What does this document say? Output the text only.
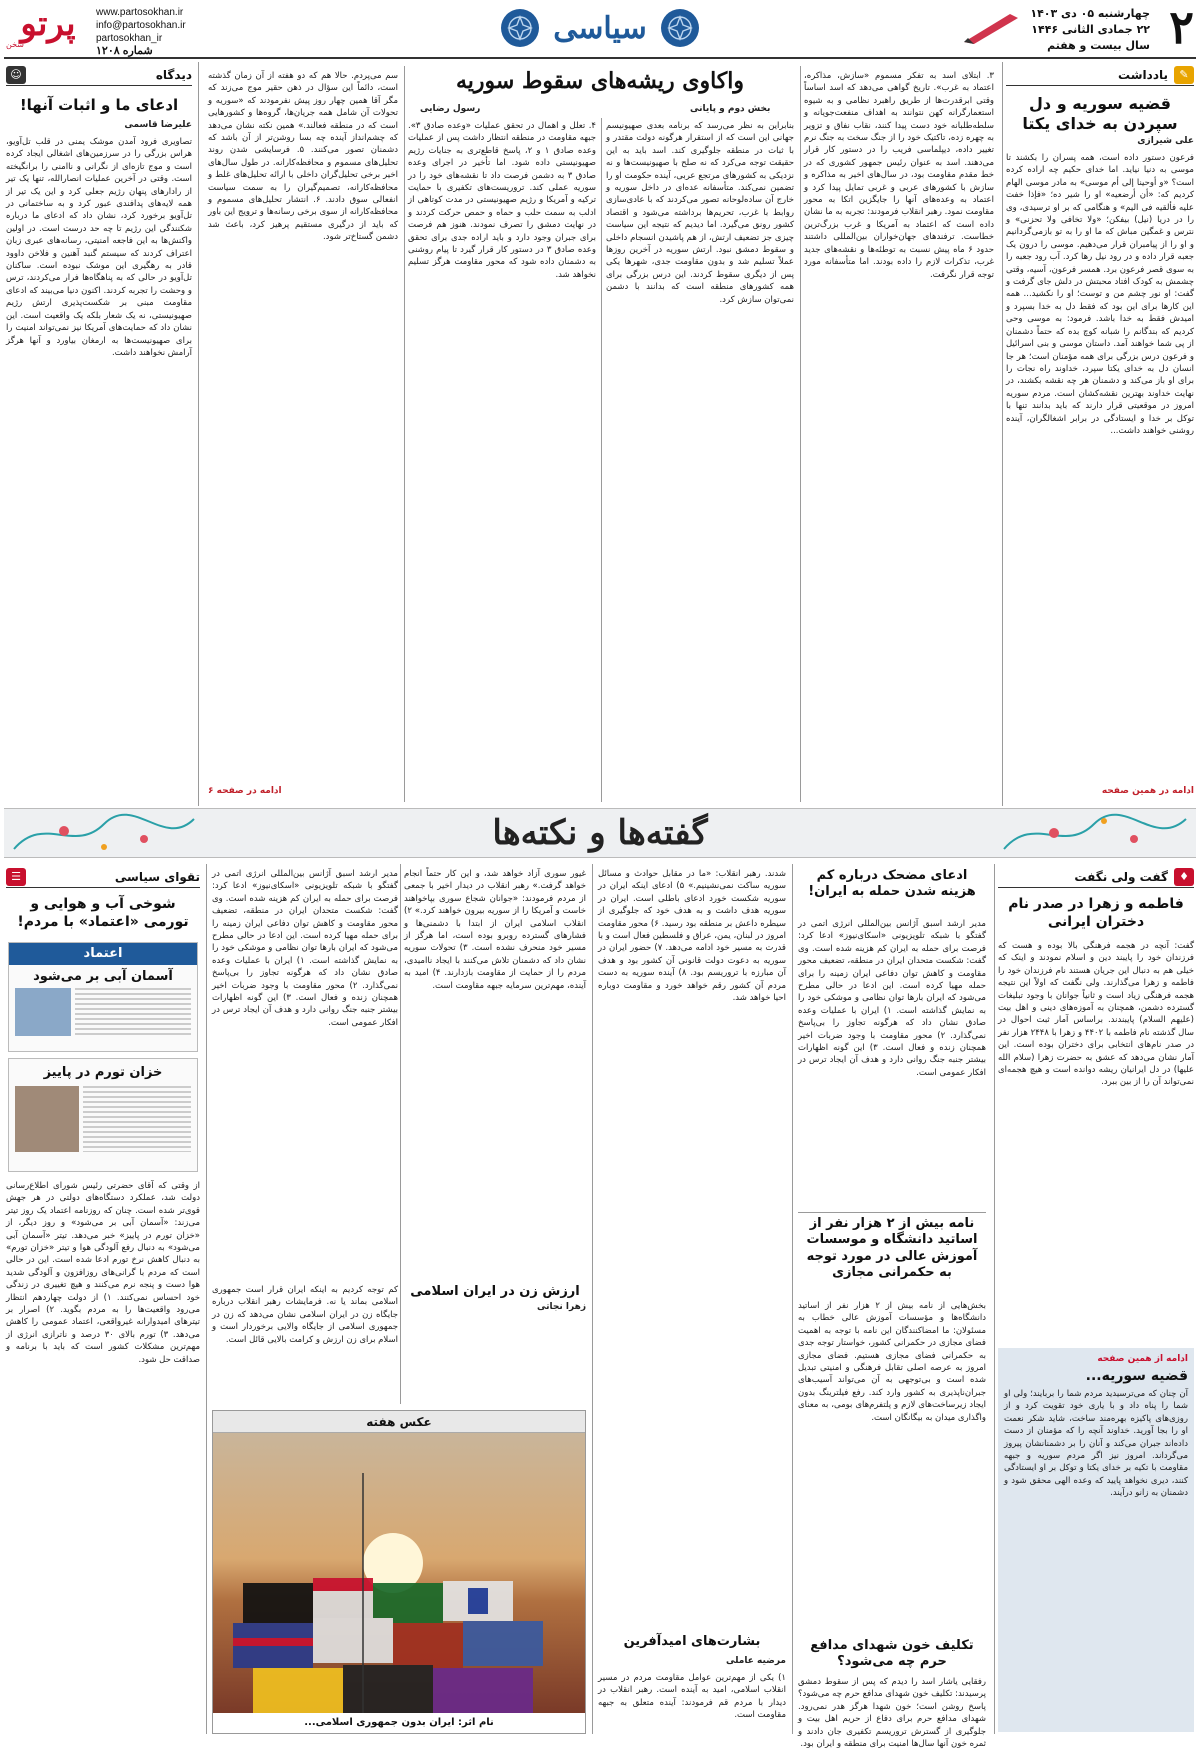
۲
چهارشنبه ۰۵ دی ۱۴۰۳
۲۲ جمادی الثانی ۱۴۴۶
سال بیست و هفتم
سیاسی
www.partosokhan.ir
info@partosokhan.ir
partosokhan_ir
شماره ۱۲۰۸
پرتو
سخن
✎
یادداشت
قضیه سوریه و دل سپردن به خدای یکتا
علی شیرازی
فرعون دستور داده است، همه پسران را بکشند تا موسی به دنیا نیاید. اما خدای حکیم چه اراده کرده است؟ «و أوحینا إلی أم موسی» به مادر موسی الهام کردیم که: «أن أرضعیه» او را شیر ده؛ «فإذا خفت علیه فألقیه فی الیم» و هنگامی که بر او ترسیدی، وی را در دریا (نیل) بیفکن؛ «ولا تخافی ولا تحزنی» و نترس و غمگین مباش که ما او را به تو بازمی‌گردانیم و او را از پیامبران قرار می‌دهیم. موسی را درون یک جعبه قرار داده و در رود نیل رها کرد. آب رود جعبه را به سوی قصر فرعون برد. همسر فرعون، آسیه، وقتی چشمش به کودک افتاد محبتش در دلش جای گرفت و گفت: او نور چشم من و توست؛ او را نکشید... همه این کارها برای این بود که فقط دل به خدا بسپرد و امیدش فقط به خدا باشد. فرمود: به موسی وحی کردیم که بندگانم را شبانه کوچ بده که حتماً دشمنان از پی شما خواهند آمد. داستان موسی و بنی اسرائیل و فرعون درس بزرگی برای همه مؤمنان است؛ هر جا انسان دل به خدای یکتا سپرد، خداوند راه نجات را برای او باز می‌کند و دشمنان هر چه نقشه بکشند، در نهایت خداوند بهترین نقشه‌کشان است. مردم سوریه امروز در موقعیتی قرار دارند که باید بدانند تنها با توکل بر خدا و ایستادگی در برابر اشغالگران، آینده روشنی خواهند داشت...
ادامه در همین صفحه
واکاوی ریشه‌های سقوط سوریه
بخش دوم و پایانی
رسول رضایی
۳. ابتلای اسد به تفکر مسموم «سازش، مذاکره، اعتماد به غرب». تاریخ گواهی می‌دهد که اسد اساساً وقتی ابرقدرت‌ها از طریق راهبرد نظامی و به شیوه استعمارگرانه کهن نتوانند به اهداف منفعت‌جویانه و سلطه‌طلبانه خود دست پیدا کنند، نقاب نفاق و تزویر به چهره زده، تاکتیک خود را از جنگ سخت به جنگ نرم تغییر داده، دیپلماسی فریب را در دستور کار قرار می‌دهند. اسد به عنوان رئیس جمهور کشوری که در خط مقدم مقاومت بود، در سال‌های اخیر به مذاکره و سازش با کشورهای عربی و غربی تمایل پیدا کرد و اعتماد به وعده‌های آنها را جایگزین اتکا به محور مقاومت نمود. رهبر انقلاب فرمودند: تجربه به ما نشان داده است که اعتماد به آمریکا و غرب بزرگ‌ترین خطاست. ترفندهای جهان‌خواران بین‌المللی داشتند حدود ۶ ماه پیش نسبت به توطئه‌ها و نقشه‌های جدید غرب، تذکرات لازم را داده بودند. اما متأسفانه مورد توجه قرار نگرفت.
بنابراین به نظر می‌رسد که برنامه بعدی صهیونیسم جهانی این است که از استقرار هرگونه دولت مقتدر و با ثبات در منطقه جلوگیری کند. اسد باید به این حقیقت توجه می‌کرد که نه صلح با صهیونیست‌ها و نه نزدیکی به کشورهای مرتجع عربی، آینده حکومت او را تضمین نمی‌کند. متأسفانه عده‌ای در داخل سوریه و خارج آن ساده‌لوحانه تصور می‌کردند که با عادی‌سازی روابط با غرب، تحریم‌ها برداشته می‌شود و اقتصاد کشور رونق می‌گیرد. اما دیدیم که نتیجه این سیاست چیزی جز تضعیف ارتش، از هم پاشیدن انسجام داخلی و سقوط دمشق نبود. ارتش سوریه در آخرین روزها عملاً تسلیم شد و بدون مقاومت جدی، شهرها یکی پس از دیگری سقوط کردند. این درس بزرگی برای همه کشورهای منطقه است که بدانند با دشمن نمی‌توان سازش کرد.
۴. تعلل و اهمال در تحقق عملیات «وعده صادق ۳». جبهه مقاومت در منطقه انتظار داشت پس از عملیات وعده صادق ۱ و ۲، پاسخ قاطع‌تری به جنایات رژیم صهیونیستی داده شود. اما تأخیر در اجرای وعده صادق ۳ به دشمن فرصت داد تا نقشه‌های خود را در سوریه عملی کند. تروریست‌های تکفیری با حمایت ترکیه و آمریکا و رژیم صهیونیستی در مدت کوتاهی از ادلب به سمت حلب و حماه و حمص حرکت کردند و در نهایت دمشق را تصرف نمودند. هنوز هم فرصت برای جبران وجود دارد و باید اراده جدی برای تحقق وعده صادق ۳ در دستور کار قرار گیرد تا پیام روشنی به دشمنان داده شود که محور مقاومت هرگز تسلیم نخواهد شد.
سم می‌پردم. حالا هم که دو هفته از آن زمان گذشته است، دائماً این سؤال در ذهن حقیر موج می‌زند که مگر آقا همین چهار روز پیش نفرمودند که «سوریه و تحولات آن شامل همه جریان‌ها، گروه‌ها و کشورهایی است که در منطقه فعالند.» همین نکته نشان می‌دهد که چشم‌انداز آینده چه بسا روشن‌تر از آن باشد که دشمنان تصور می‌کنند. ۵. فرسایشی شدن روند تحلیل‌های مسموم و محافظه‌کارانه. در طول سال‌های اخیر برخی تحلیل‌گران داخلی با ارائه تحلیل‌های غلط و محافظه‌کارانه، تصمیم‌گیران را به سمت سیاست انفعالی سوق دادند. ۶. انتشار تحلیل‌های مسموم و محافظه‌کارانه از سوی برخی رسانه‌ها و ترویج این باور که باید از درگیری مستقیم پرهیز کرد، باعث شد دشمن گستاخ‌تر شود.
ادامه در صفحه ۶
دیدگاه
☺
ادعای ما و اثبات آنها!
علیرضا قاسمی
تصاویری فرود آمدن موشک یمنی در قلب تل‌آویو، هراس بزرگی را در سرزمین‌های اشغالی ایجاد کرده است و موج تازه‌ای از نگرانی و ناامنی را برانگیخته است. وقتی در آخرین عملیات انصارالله، تنها یک تیر از رادارهای پنهان رژیم جعلی کرد و این یک تیر از همه لایه‌های پدافندی عبور کرد و به ساختمانی در تل‌آویو برخورد کرد، نشان داد که ادعای ما درباره شکنندگی این رژیم تا چه حد درست است. در اولین واکنش‌ها به این فاجعه امنیتی، رسانه‌های عبری زبان اعتراف کردند که سیستم گنبد آهنین و فلاخن داوود قادر به رهگیری این موشک نبوده است. ساکنان تل‌آویو در حالی که به پناهگاه‌ها فرار می‌کردند، ترس و وحشت را تجربه کردند. اکنون دنیا می‌بیند که ادعای مقاومت مبنی بر شکست‌پذیری ارتش رژیم صهیونیستی، نه یک شعار بلکه یک واقعیت است. این نشان داد که حمایت‌های آمریکا نیز نمی‌تواند امنیت را برای صهیونیست‌ها به ارمغان بیاورد و آنها هرگز آرامش نخواهند داشت.
گفته‌ها و نکته‌ها
♦
گفت ولی نگفت
فاطمه و زهرا در صدر نام دختران ایرانی
گفت: آنچه در هجمه فرهنگی بالا بوده و هست که فرزندان خود را پایبند دین و اسلام نمودند و اینک که خیلی هم به دنبال این جریان هستند نام فرزندان خود را فاطمه و زهرا می‌گذارند. ولی نگفت که اولاً این نتیجه هجمه فرهنگی زیاد است و ثانیاً جوانان با وجود تبلیغات گسترده دشمن، همچنان به آموزه‌های دینی و اهل بیت (علیهم السلام) پایبندند. براساس آمار ثبت احوال در سال گذشته نام فاطمه با ۴۴۰۲ و زهرا با ۲۴۴۸ هزار نفر در صدر نام‌های انتخابی برای دختران بوده است. این آمار نشان می‌دهد که عشق به حضرت زهرا (سلام الله علیها) در دل ایرانیان ریشه دوانده است و هیچ هجمه‌ای نمی‌تواند آن را از بین ببرد.
ادامه از همین صفحه
قضیه سوریه...
آن چنان که می‌ترسیدید مردم شما را بربایند؛ ولی او شما را پناه داد و با یاری خود تقویت کرد و از روزی‌های پاکیزه بهره‌مند ساخت، شاید شکر نعمت او را بجا آورید. خداوند آنچه را که مؤمنان از دست داده‌اند جبران می‌کند و آنان را بر دشمنانشان پیروز می‌گرداند. امروز نیز اگر مردم سوریه و جبهه مقاومت با تکیه بر خدای یکتا و توکل بر او ایستادگی کنند، دیری نخواهد پایید که وعده الهی محقق شود و دشمنان به زانو درآیند.
ادعای مضحک درباره کم هزینه شدن حمله به ایران!
مدیر ارشد اسبق آژانس بین‌المللی انرژی اتمی در گفتگو با شبکه تلویزیونی «اسکای‌نیوز» ادعا کرد: فرصت برای حمله به ایران کم هزینه شده است. وی گفت: شکست متحدان ایران در منطقه، تضعیف محور مقاومت و کاهش توان دفاعی ایران زمینه را برای حمله مهیا کرده است. این ادعا در حالی مطرح می‌شود که ایران بارها توان نظامی و موشکی خود را به نمایش گذاشته است. ۱) ایران با عملیات وعده صادق نشان داد که هرگونه تجاوز را بی‌پاسخ نمی‌گذارد. ۲) محور مقاومت با وجود ضربات اخیر همچنان زنده و فعال است. ۳) این گونه اظهارات بیشتر جنبه جنگ روانی دارد و هدف آن ایجاد ترس در افکار عمومی است.
نامه بیش از ۲ هزار نفر از اساتید دانشگاه و موسسات آموزش عالی در مورد توجه به حکمرانی مجازی
بخش‌هایی از نامه بیش از ۲ هزار نفر از اساتید دانشگاه‌ها و مؤسسات آموزش عالی خطاب به مسئولان: ما امضاکنندگان این نامه با توجه به اهمیت فضای مجازی در حکمرانی کشور، خواستار توجه جدی به حکمرانی فضای مجازی هستیم. فضای مجازی امروز به عرصه اصلی تقابل فرهنگی و امنیتی تبدیل شده است و بی‌توجهی به آن می‌تواند آسیب‌های جبران‌ناپذیری به کشور وارد کند. رفع فیلترینگ بدون ایجاد زیرساخت‌های لازم و پلتفرم‌های بومی، به معنای واگذاری میدان به بیگانگان است.
تکلیف خون شهدای مدافع حرم چه می‌شود؟
رفقایی یاشار اسد را دیدم که پس از سقوط دمشق پرسیدند: تکلیف خون شهدای مدافع حرم چه می‌شود؟ پاسخ روشن است؛ خون شهدا هرگز هدر نمی‌رود. شهدای مدافع حرم برای دفاع از حریم اهل بیت و جلوگیری از گسترش تروریسم تکفیری جان دادند و ثمره خون آنها سال‌ها امنیت برای منطقه و ایران بود.
شدند. رهبر انقلاب: «ما در مقابل حوادث و مسائل سوریه ساکت نمی‌نشینیم.» ۵) ادعای اینکه ایران در سوریه شکست خورد ادعای باطلی است. ایران در سوریه هدف داشت و به هدف خود که جلوگیری از سیطره داعش بر منطقه بود رسید. ۶) محور مقاومت امروز در لبنان، یمن، عراق و فلسطین فعال است و با قدرت به مسیر خود ادامه می‌دهد. ۷) حضور ایران در سوریه به دعوت دولت قانونی آن کشور بود و هدف آن مبارزه با تروریسم بود. ۸) آینده سوریه به دست مردم آن کشور رقم خواهد خورد و مقاومت دوباره احیا خواهد شد.
بشارت‌های امیدآفرین
مرضیه عاملی
۱) یکی از مهم‌ترین عوامل مقاومت مردم در مسیر انقلاب اسلامی، امید به آینده است. رهبر انقلاب در دیدار با مردم قم فرمودند: آینده متعلق به جبهه مقاومت است.
غیور سوری آزاد خواهد شد، و این کار حتماً انجام خواهد گرفت.» رهبر انقلاب در دیدار اخیر با جمعی از مردم فرمودند: «جوانان شجاع سوری بپاخواهند خاست و آمریکا را از سوریه بیرون خواهند کرد.» ۲) انقلاب اسلامی ایران از ابتدا با دشمنی‌ها و فشارهای گسترده روبرو بوده است، اما هرگز از مسیر خود منحرف نشده است. ۳) تحولات سوریه نشان داد که دشمنان تلاش می‌کنند با ایجاد ناامیدی، مردم را از حمایت از مقاومت بازدارند. ۴) امید به آینده، مهم‌ترین سرمایه جبهه مقاومت است.
ارزش زن در ایران اسلامی
زهرا نجاتی
کم توجه کردیم به اینکه ایران قرار است جمهوری اسلامی بماند یا نه. فرمایشات رهبر انقلاب درباره جایگاه زن در ایران اسلامی نشان می‌دهد که زن در جمهوری اسلامی از جایگاه والایی برخوردار است و اسلام برای زن ارزش و کرامت بالایی قائل است.
مدیر ارشد اسبق آژانس بین‌المللی انرژی اتمی در گفتگو با شبکه تلویزیونی «اسکای‌نیوز» ادعا کرد: فرصت برای حمله به ایران کم هزینه شده است. وی گفت: شکست متحدان ایران در منطقه، تضعیف محور مقاومت و کاهش توان دفاعی ایران زمینه را برای حمله مهیا کرده است. این ادعا در حالی مطرح می‌شود که ایران بارها توان نظامی و موشکی خود را به نمایش گذاشته است. ۱) ایران با عملیات وعده صادق نشان داد که هرگونه تجاوز را بی‌پاسخ نمی‌گذارد. ۲) محور مقاومت با وجود ضربات اخیر همچنان زنده و فعال است. ۳) این گونه اظهارات بیشتر جنبه جنگ روانی دارد و هدف آن ایجاد ترس در افکار عمومی است.
عکس هفته
نام اثر: ایران بدون جمهوری اسلامی...
تقوای سیاسی
☰
شوخی آب و هوایی و تورمی «اعتماد» با مردم!
اعتماد
آسمان آبی بر می‌شود
خزان تورم در پاییز
از وقتی که آقای حضرتی رئیس شورای اطلاع‌رسانی دولت شد، عملکرد دستگاه‌های دولتی در هر جهش قوی‌تر شده است. چنان که روزنامه اعتماد یک روز تیتر می‌زند: «آسمان آبی بر می‌شود» و روز دیگر، از «خزان تورم در پاییز» خبر می‌دهد. تیتر «آسمان آبی می‌شود» به دنبال رفع آلودگی هوا و تیتر «خزان تورم» به دنبال کاهش نرخ تورم ادعا شده است. این در حالی است که مردم با گرانی‌های روزافزون و آلودگی شدید هوا دست و پنجه نرم می‌کنند و هیچ تغییری در زندگی خود احساس نمی‌کنند. ۱) از دولت چهاردهم انتظار می‌رود واقعیت‌ها را به مردم بگوید. ۲) اصرار بر تیترهای امیدوارانه غیرواقعی، اعتماد عمومی را کاهش می‌دهد. ۳) تورم بالای ۳۰ درصد و ناترازی انرژی از مهم‌ترین مشکلات کشور است که باید با برنامه و صداقت حل شود.
